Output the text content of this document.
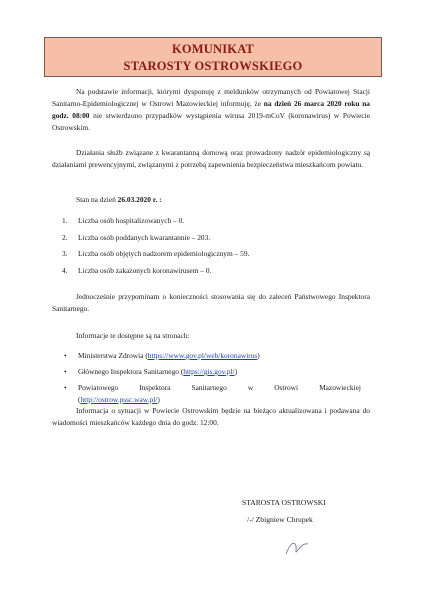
KOMUNIKAT
STAROSTY OSTROWSKIEGO
Na podstawie informacji, którymi dysponuję z meldunków otrzymanych od Powiatowej Stacji Sanitarno-Epidemiologicznej w Ostrowi Mazowieckiej informuję, że na dzień 26 marca 2020 roku na godz. 08:00 nie stwierdzono przypadków wystąpienia wirusa 2019-mCoV (koronawirus) w Powiecie Ostrowskim.
Działania służb związane z kwarantanną domową oraz prowadzony nadzór epidemiologiczny są działaniami prewencyjnymi, związanymi z potrzebą zapewnienia bezpieczeństwa mieszkańcom powiatu.
Stan na dzień 26.03.2020 r. :
1. Liczba osób hospitalizowanych – 0.
2. Liczba osób poddanych kwarantannie – 203.
3. Liczba osób objętych nadzorem epidemiologicznym – 59.
4. Liczba osób zakażonych koronawirusem – 0.
Jednocześnie przypominam o konieczności stosowania się do zaleceń Państwowego Inspektora Sanitarnego.
Informacje te dostępne są na stronach:
• Ministerstwa Zdrowia (https://www.gov.pl/web/koronawirus)
• Głównego Inspektora Sanitarnego (https://gis.gov.pl/)
• Powiatowego	Inspektora	Sanitarnego	w	Ostrowi	Mazowieckiej
(http://ostrow.pssc.waw.pl/)
Informacja o sytuacji w Powiecie Ostrowskim będzie na bieżąco aktualizowana i podawana do wiadomości mieszkańców każdego dnia do godz. 12:00.
STAROSTA OSTROWSKI
/-/ Zbigniew Chrupek
